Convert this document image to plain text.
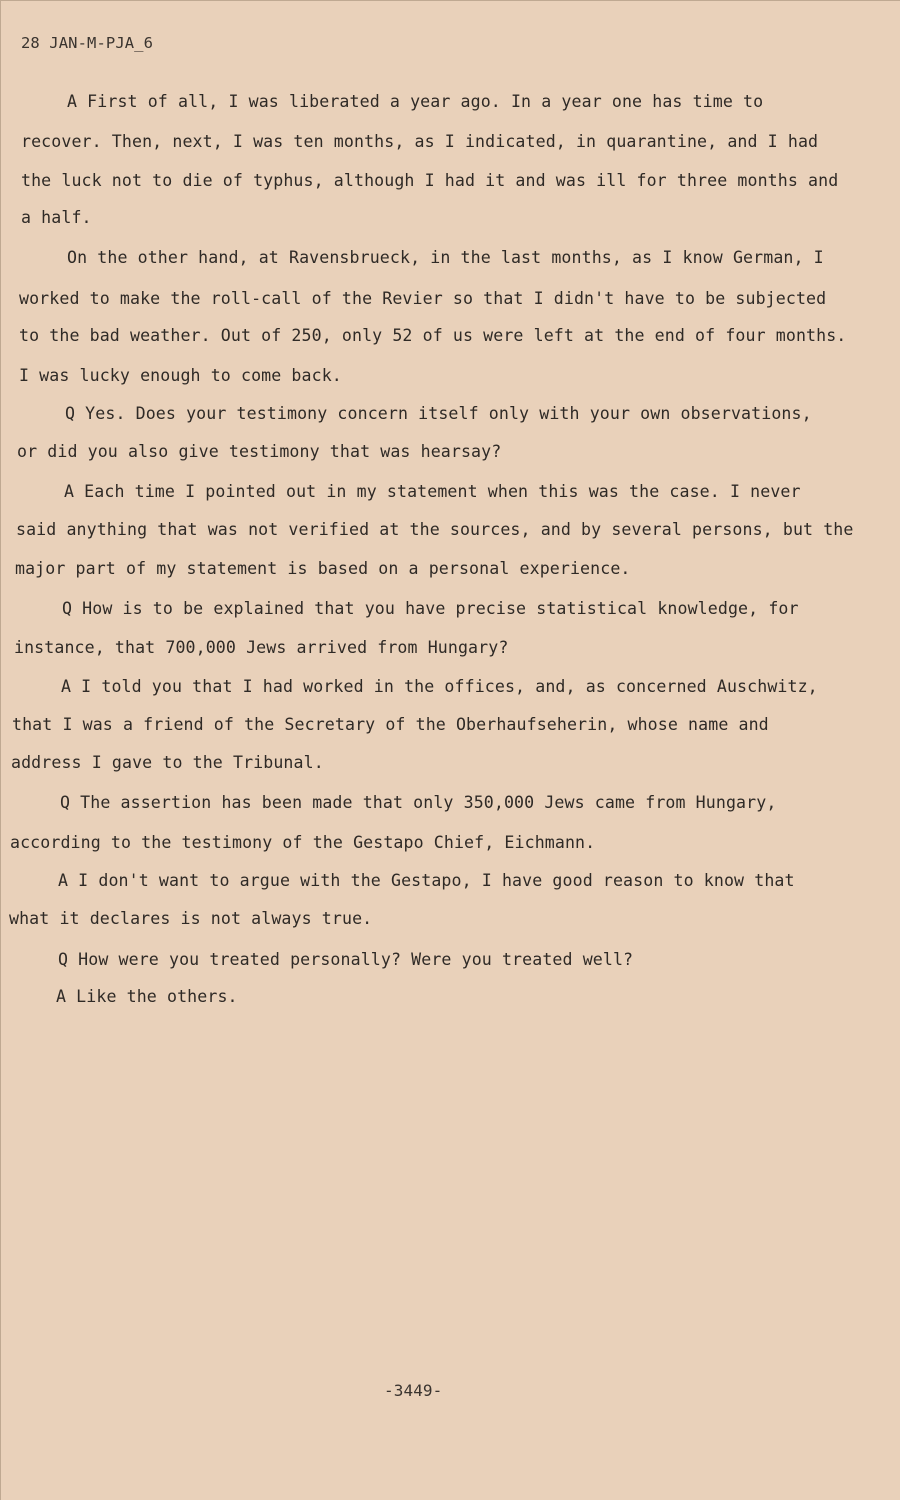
28 JAN-M-PJA_6
A First of all, I was liberated a year ago. In a year one has time to
recover. Then, next, I was ten months, as I indicated, in quarantine, and I had
the luck not to die of typhus, although I had it and was ill for three months and
a half.
On the other hand, at Ravensbrueck, in the last months, as I know German, I
worked to make the roll-call of the Revier so that I didn't have to be subjected
to the bad weather. Out of 250, only 52 of us were left at the end of four months.
I was lucky enough to come back.
Q Yes. Does your testimony concern itself only with your own observations,
or did you also give testimony that was hearsay?
A Each time I pointed out in my statement when this was the case. I never
said anything that was not verified at the sources, and by several persons, but the
major part of my statement is based on a personal experience.
Q How is to be explained that you have precise statistical knowledge, for
instance, that 700,000 Jews arrived from Hungary?
A I told you that I had worked in the offices, and, as concerned Auschwitz,
that I was a friend of the Secretary of the Oberhaufseherin, whose name and
address I gave to the Tribunal.
Q The assertion has been made that only 350,000 Jews came from Hungary,
according to the testimony of the Gestapo Chief, Eichmann.
A I don't want to argue with the Gestapo, I have good reason to know that
what it declares is not always true.
Q How were you treated personally? Were you treated well?
A Like the others.
-3449-
